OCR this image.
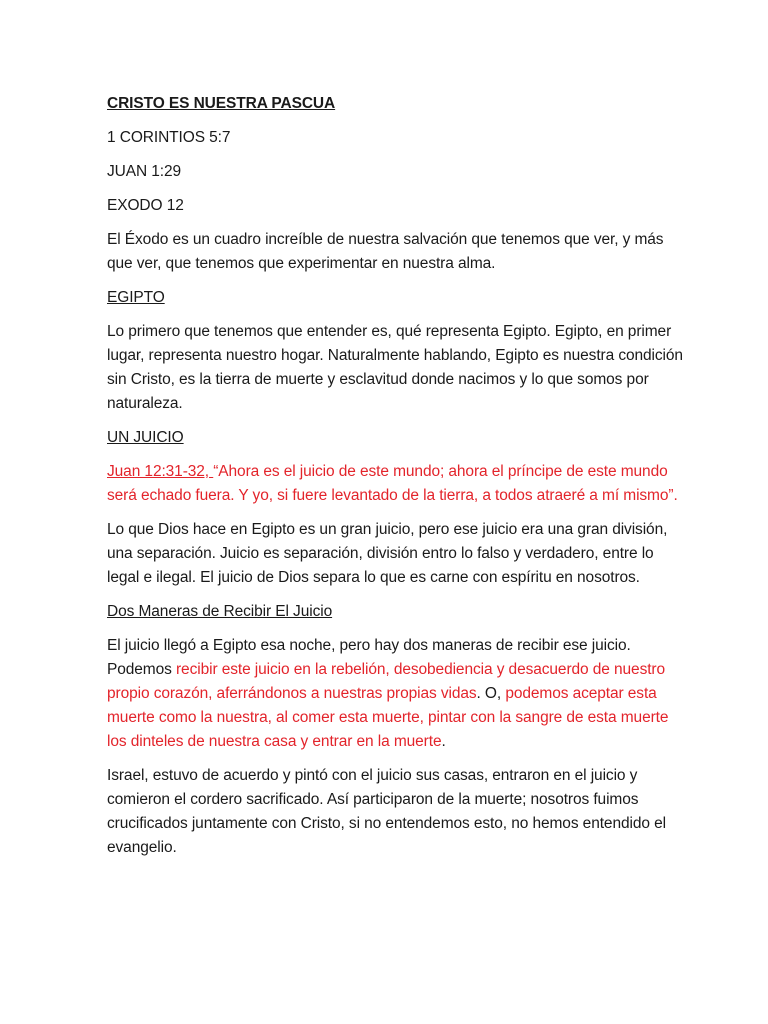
CRISTO ES NUESTRA PASCUA
1 CORINTIOS 5:7
JUAN 1:29
EXODO 12

El Éxodo es un cuadro increíble de nuestra salvación que tenemos que ver, y más que ver, que tenemos que experimentar en nuestra alma.

EGIPTO

Lo primero que tenemos que entender es, qué representa Egipto. Egipto, en primer lugar, representa nuestro hogar. Naturalmente hablando, Egipto es nuestra condición sin Cristo, es la tierra de muerte y esclavitud donde nacimos y lo que somos por naturaleza.

UN JUICIO

Juan 12:31-32, “Ahora es el juicio de este mundo; ahora el príncipe de este mundo será echado fuera. Y yo, si fuere levantado de la tierra, a todos atraeré a mí mismo”.

Lo que Dios hace en Egipto es un gran juicio, pero ese juicio era una gran división, una separación. Juicio es separación, división entro lo falso y verdadero, entre lo legal e ilegal. El juicio de Dios separa lo que es carne con espíritu en nosotros.

Dos Maneras de Recibir El Juicio

El juicio llegó a Egipto esa noche, pero hay dos maneras de recibir ese juicio. Podemos recibir este juicio en la rebelión, desobediencia y desacuerdo de nuestro propio corazón, aferrándonos a nuestras propias vidas. O, podemos aceptar esta muerte como la nuestra, al comer esta muerte, pintar con la sangre de esta muerte los dinteles de nuestra casa y entrar en la muerte.

Israel, estuvo de acuerdo y pintó con el juicio sus casas, entraron en el juicio y comieron el cordero sacrificado. Así participaron de la muerte; nosotros fuimos crucificados juntamente con Cristo, si no entendemos esto, no hemos entendido el evangelio.
